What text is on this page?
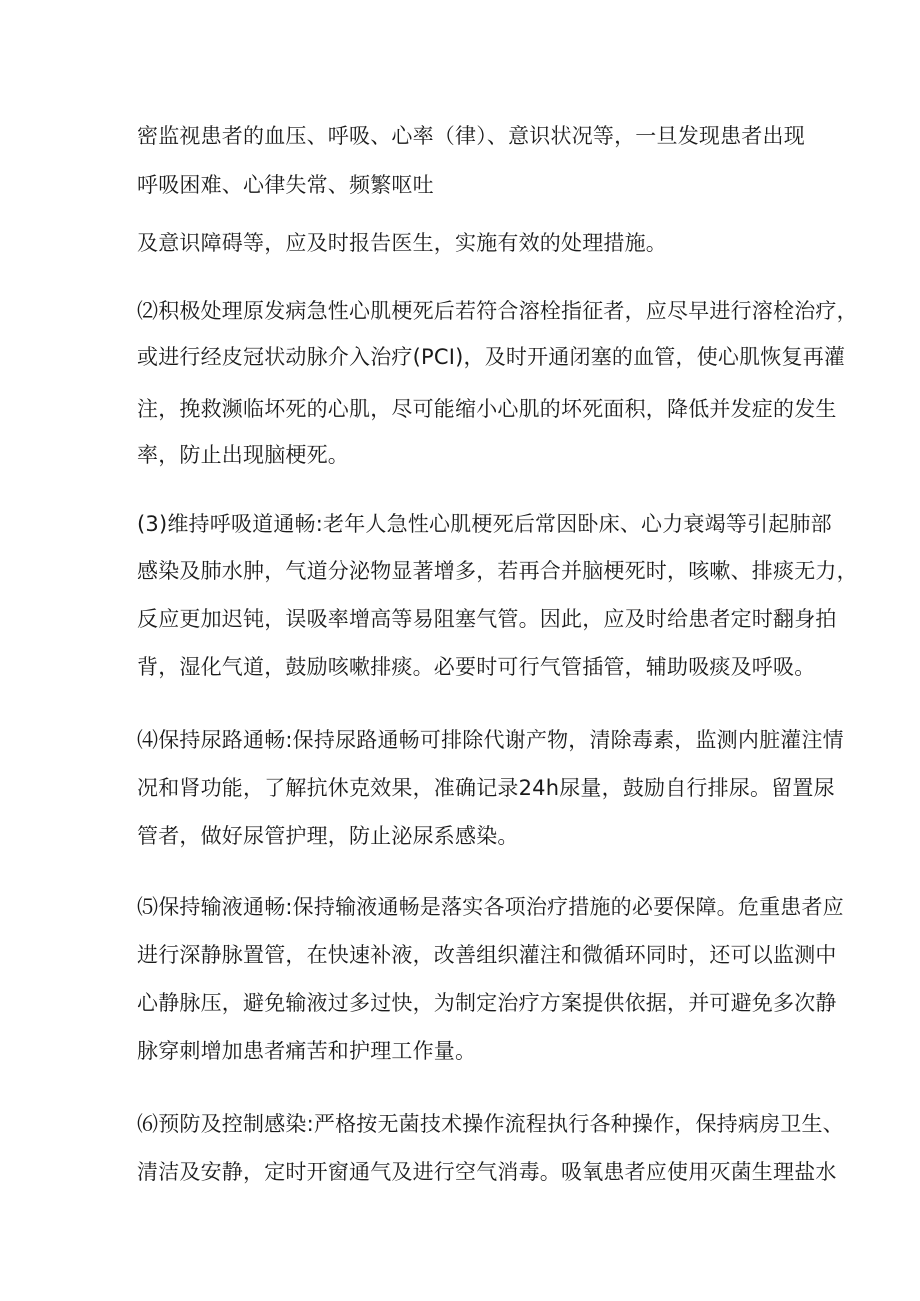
密监视患者的血压、呼吸、心率（律）、意识状况等，一旦发现患者出现
呼吸困难、心律失常、频繁呕吐
及意识障碍等，应及时报告医生，实施有效的处理措施。
⑵积极处理原发病急性心肌梗死后若符合溶栓指征者，应尽早进行溶栓治疗，
或进行经皮冠状动脉介入治疗(PCI)，及时开通闭塞的血管，使心肌恢复再灌
注，挽救濒临坏死的心肌，尽可能缩小心肌的坏死面积，降低并发症的发生
率，防止出现脑梗死。
(3)维持呼吸道通畅:老年人急性心肌梗死后常因卧床、心力衰竭等引起肺部
感染及肺水肿，气道分泌物显著增多，若再合并脑梗死时，咳嗽、排痰无力，
反应更加迟钝，误吸率增高等易阻塞气管。因此，应及时给患者定时翻身拍
背，湿化气道，鼓励咳嗽排痰。必要时可行气管插管，辅助吸痰及呼吸。
⑷保持尿路通畅:保持尿路通畅可排除代谢产物，清除毒素，监测内脏灌注情
况和肾功能，了解抗休克效果，准确记录24h尿量，鼓励自行排尿。留置尿
管者，做好尿管护理，防止泌尿系感染。
⑸保持输液通畅:保持输液通畅是落实各项治疗措施的必要保障。危重患者应
进行深静脉置管，在快速补液，改善组织灌注和微循环同时，还可以监测中
心静脉压，避免输液过多过快，为制定治疗方案提供依据，并可避免多次静
脉穿刺增加患者痛苦和护理工作量。
⑹预防及控制感染:严格按无菌技术操作流程执行各种操作，保持病房卫生、
清洁及安静，定时开窗通气及进行空气消毒。吸氧患者应使用灭菌生理盐水
